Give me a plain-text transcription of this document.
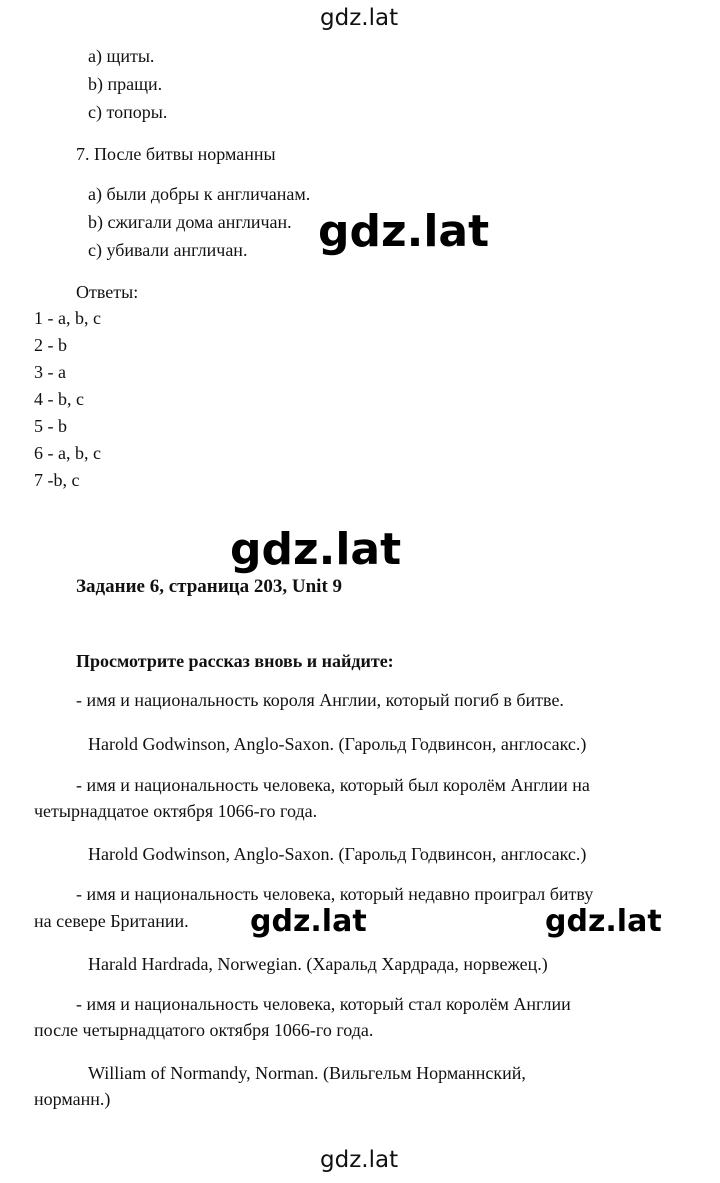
gdz.lat
a) щиты.
b) пращи.
c) топоры.
7. После битвы норманны
a) были добры к англичанам.
b) сжигали дома англичан.
c) убивали англичан. gdz.lat
Ответы:
1 - a, b, c
2 - b
3 - a
4 - b, c
5 - b
6 - a, b, c
7 -b, c
gdz.lat
Задание 6, страница 203, Unit 9
Просмотрите рассказ вновь и найдите:
- имя и национальность короля Англии, который погиб в битве.
Harold Godwinson, Anglo-Saxon. (Гарольд Годвинсон, англосакс.)
- имя и национальность человека, который был королём Англии на
четырнадцатое октября 1066-го года.
Harold Godwinson, Anglo-Saxon. (Гарольд Годвинсон, англосакс.)
- имя и национальность человека, который недавно проиграл битву
на севере Британии. gdz.lat	gdz.lat
Harald Hardrada, Norwegian. (Харальд Хардрада, норвежец.)
- имя и национальность человека, который стал королём Англии
после четырнадцатого октября 1066-го года.
William of Normandy, Norman. (Вильгельм Норманнский,
норманн.)
gdz.lat
